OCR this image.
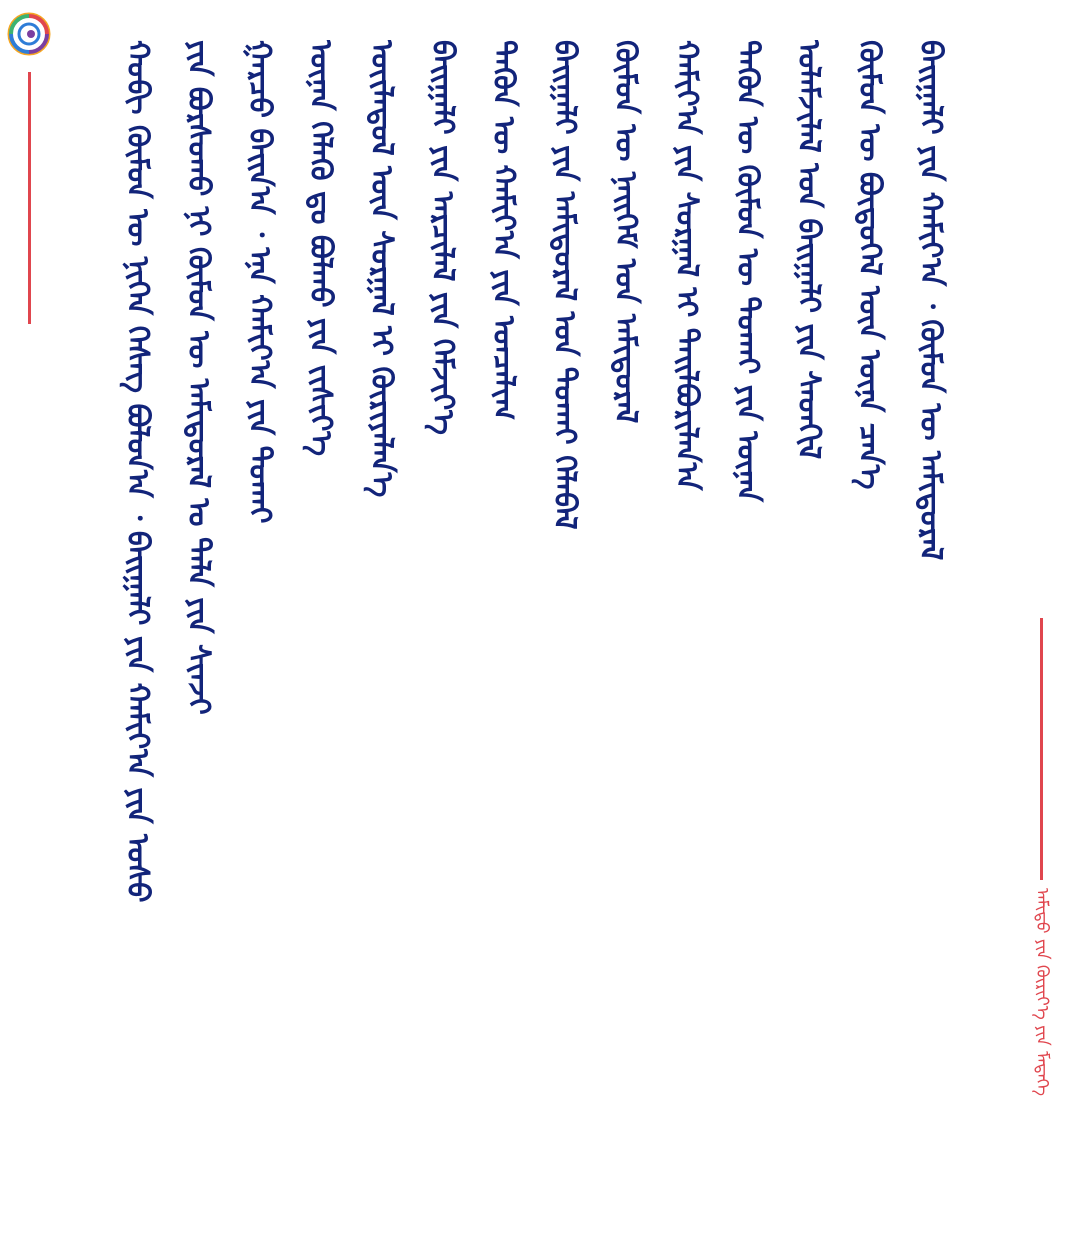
ᠠᠮᠢᠳᠤ ᠶᠢᠨ ᠬᠦᠷᠢᠶ᠎ᠡ ᠶᠢᠨ ᠮᠡᠳᠡᠭᠡ
ᠬᠤᠪᠢ ᠬᠦᠮᠦᠨ ᠦ ᠨᠢᠭᠡᠨ ᠬᠡᠰᠡᠭ ᠪᠣᠯᠤᠨ᠎ᠠ ᠂ ᠪᠠᠢᠭᠠᠯᠢ ᠶᠢᠨ ᠬᠠᠮᠢᠶ᠎ᠠ ᠶᠢᠨ ᠤᠰᠤ ᠶᠢᠨ ᠪᠤᠷᠰᠤᠬᠤ ᠨᠢ ᠬᠦᠮᠦᠨ ᠦ ᠠᠮᠢᠳᠤᠷᠠᠯ ᠤ ᠲᠠᠯᠠ ᠶᠢᠨ ᠰᠢᠨᠵᠢ ᠭᠠᠷᠴᠤ ᠪᠠᠢᠨ᠎ᠠ ᠂ ᠡᠨᠡ ᠬᠠᠮᠢᠶ᠎ᠠ ᠶᠢᠨ ᠲᠤᠬᠠᠢ ᠦᠨᠡᠨ ᠬᠡᠯᠡᠬᠦ ᠳᠤ ᠪᠣᠯᠬᠤ ᠶᠢᠨ ᠵᠢᠱᠢᠶ᠎ᠡ ᠦᠢᠯᠡᠳᠦᠯ ᠦᠨ ᠰᠤᠷᠭᠠᠯ ᠢ ᠬᠦᠷᠢᠶᠡᠯᠡᠨ᠎ᠡ ᠪᠠᠢᠭᠠᠯᠢ ᠶᠢᠨ ᠠᠷᠴᠢᠯᠠᠯ ᠶᠢᠨ ᠬᠡᠮᠵᠢᠶ᠎ᠡ ᠲᠡᠭᠦᠨ ᠦ ᠬᠠᠮᠢᠶ᠎ᠠ ᠶᠢᠨ ᠣᠨᠴᠠᠯᠢᠭ ᠪᠠᠢᠭᠠᠯᠢ ᠶᠢᠨ ᠠᠮᠢᠳᠤᠷᠠᠯ ᠤᠨ ᠲᠤᠬᠠᠢ ᠬᠡᠯᠡᠪᠡᠯ ᠬᠦᠮᠦᠨ ᠦ ᠨᠡᠢᠭᠡᠮ ᠤᠨ ᠠᠮᠢᠳᠤᠷᠠᠯ ᠬᠠᠮᠢᠶ᠎ᠠ ᠶᠢᠨ ᠰᠤᠷᠭᠠᠯ ᠢ ᠲᠠᠢᠯᠪᠤᠷᠢᠯᠠᠨ᠎ᠠ ᠲᠡᠭᠦᠨ ᠦ ᠬᠦᠮᠦᠨ ᠦ ᠲᠤᠬᠠᠢ ᠶᠢᠨ ᠦᠨᠡᠨ ᠤᠯᠠᠮᠵᠢᠯᠠᠯ ᠤᠨ ᠪᠠᠢᠭᠠᠯᠢ ᠶᠢᠨ ᠰᠡᠳᠬᠢᠯ ᠬᠦᠮᠦᠨ ᠦ ᠪᠦᠲᠦᠭᠡᠯ ᠦᠨ ᠦᠨᠡ ᠴᠡᠨ᠎ᠡ ᠪᠠᠢᠭᠠᠯᠢ ᠶᠢᠨ ᠬᠠᠮᠢᠶ᠎ᠠ ᠂ ᠬᠦᠮᠦᠨ ᠦ ᠠᠮᠢᠳᠤᠷᠠᠯ
